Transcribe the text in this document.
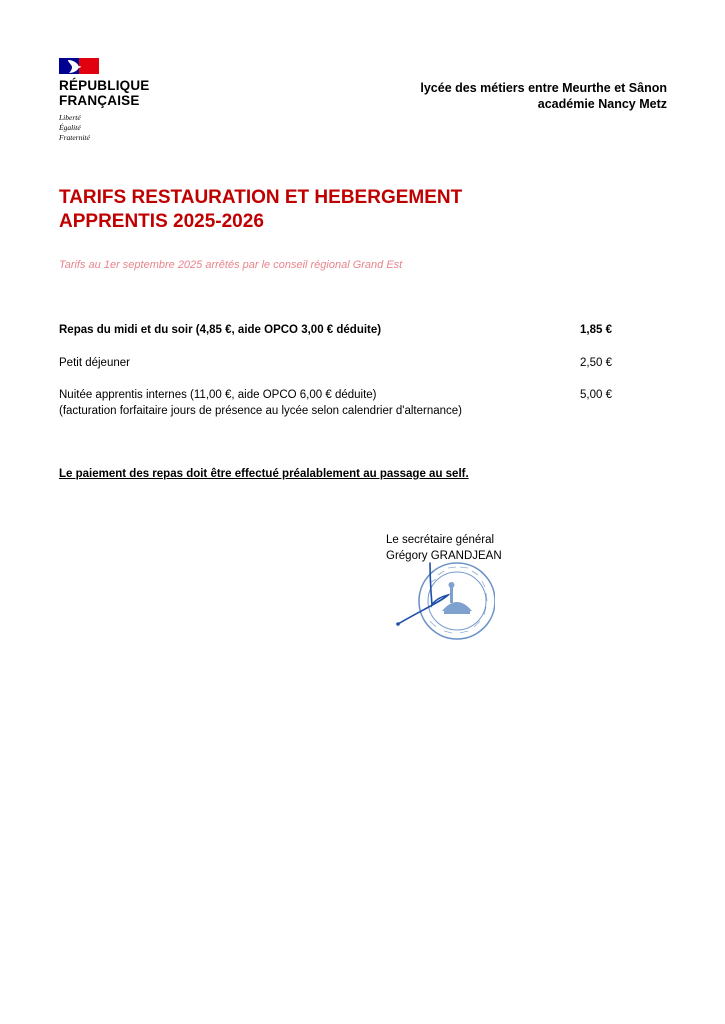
RÉPUBLIQUE
FRANÇAISE
Liberté
Égalité
Fraternité
lycée des métiers entre Meurthe et Sânon
académie Nancy Metz
TARIFS RESTAURATION ET HEBERGEMENT
APPRENTIS 2025-2026
Tarifs au 1er septembre 2025 arrêtés par le conseil régional Grand Est
Repas du midi et du soir (4,85 €, aide OPCO 3,00 € déduite)	1,85 €
Petit déjeuner	2,50 €
Nuitée apprentis internes (11,00 €, aide OPCO 6,00 € déduite)
(facturation forfaitaire jours de présence au lycée selon calendrier d'alternance)
5,00 €
Le paiement des repas doit être effectué préalablement au passage au self.
Le secrétaire général
Grégory GRANDJEAN
